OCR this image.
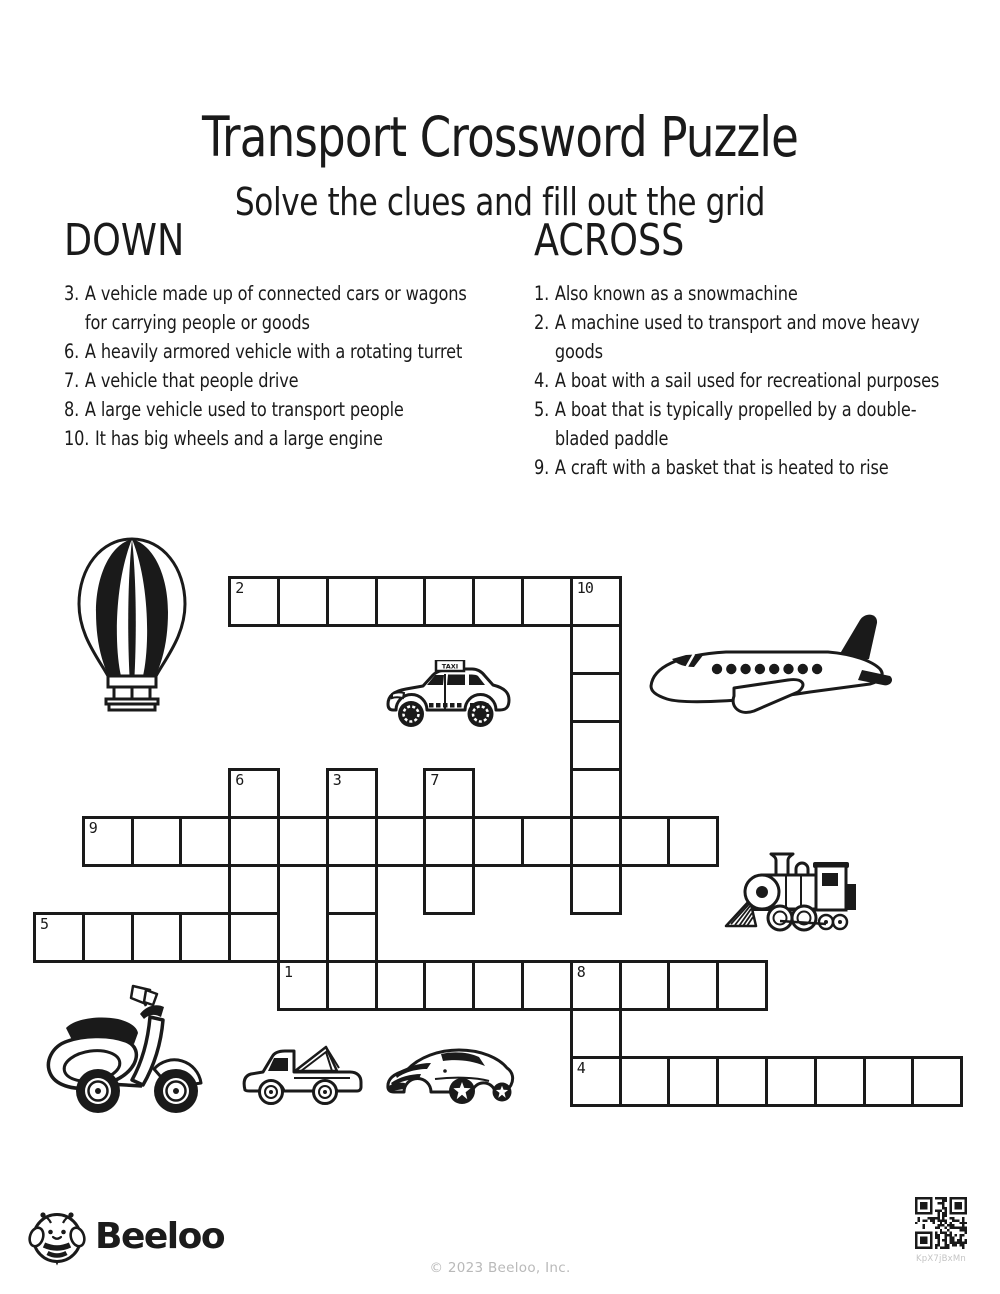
Transport Crossword Puzzle
Solve the clues and fill out the grid
DOWN
3. A vehicle made up of connected cars or wagons for carrying people or goods
6. A heavily armored vehicle with a rotating turret
7. A vehicle that people drive
8. A large vehicle used to transport people
10. It has big wheels and a large engine
ACROSS
1. Also known as a snowmachine
2. A machine used to transport and move heavy goods
4. A boat with a sail used for recreational purposes
5. A boat that is typically propelled by a double-bladed paddle
9. A craft with a basket that is heated to rise
2	10
6	3	7
9
5
1	8
4
TAXI
Beeloo
© 2023 Beeloo, Inc.
KpX7jBxMn
